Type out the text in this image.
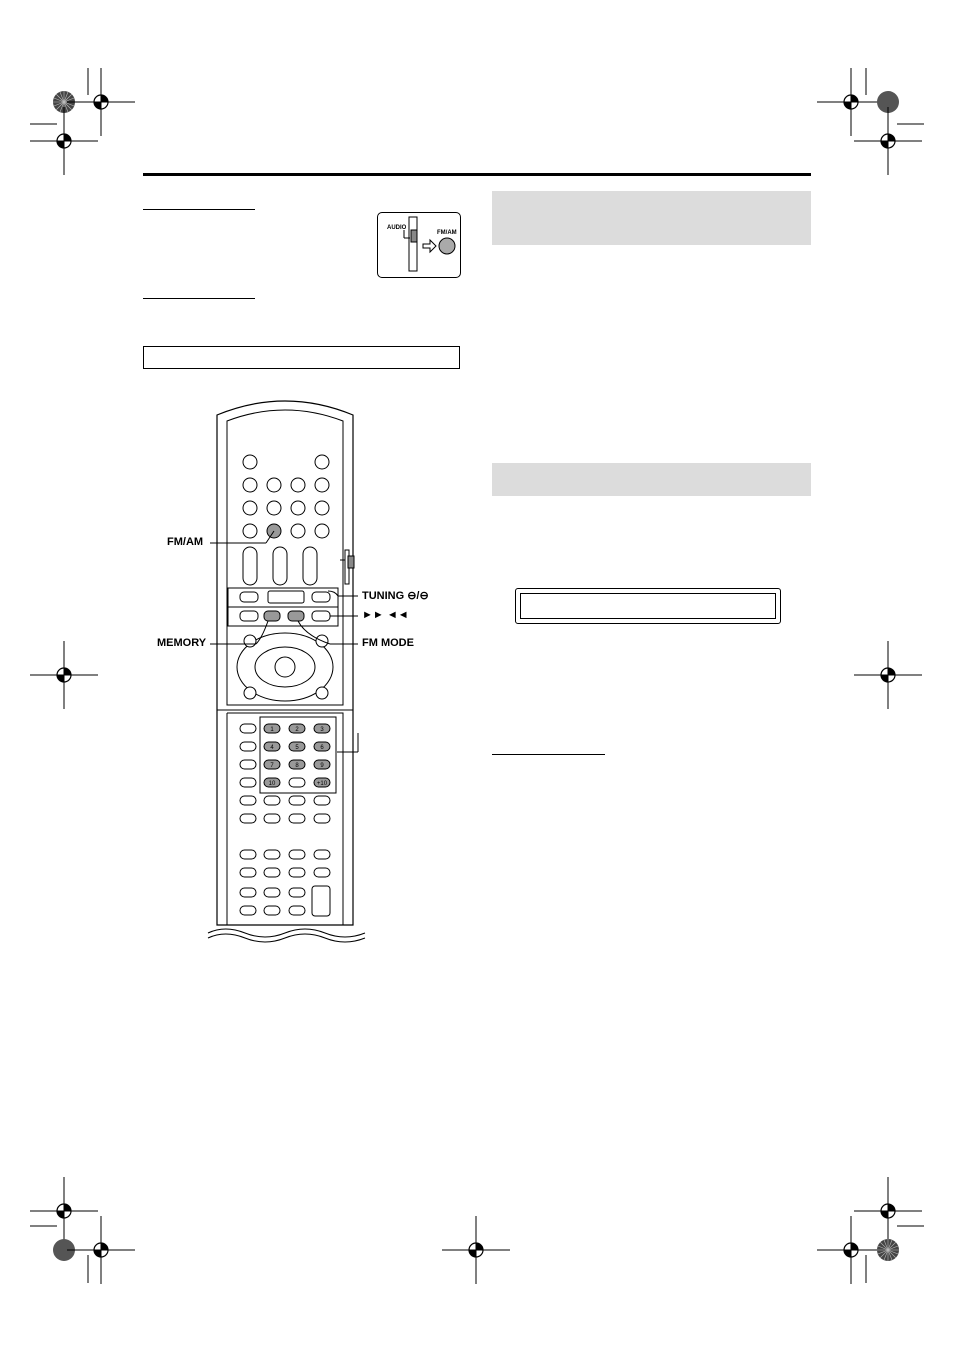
AUDIO
FM/AM
1	2	3
4	5	6
7	8	9
10	+10
FM/AM
TUNING ⊖/⊖
►► ◄◄
MEMORY	FM MODE
